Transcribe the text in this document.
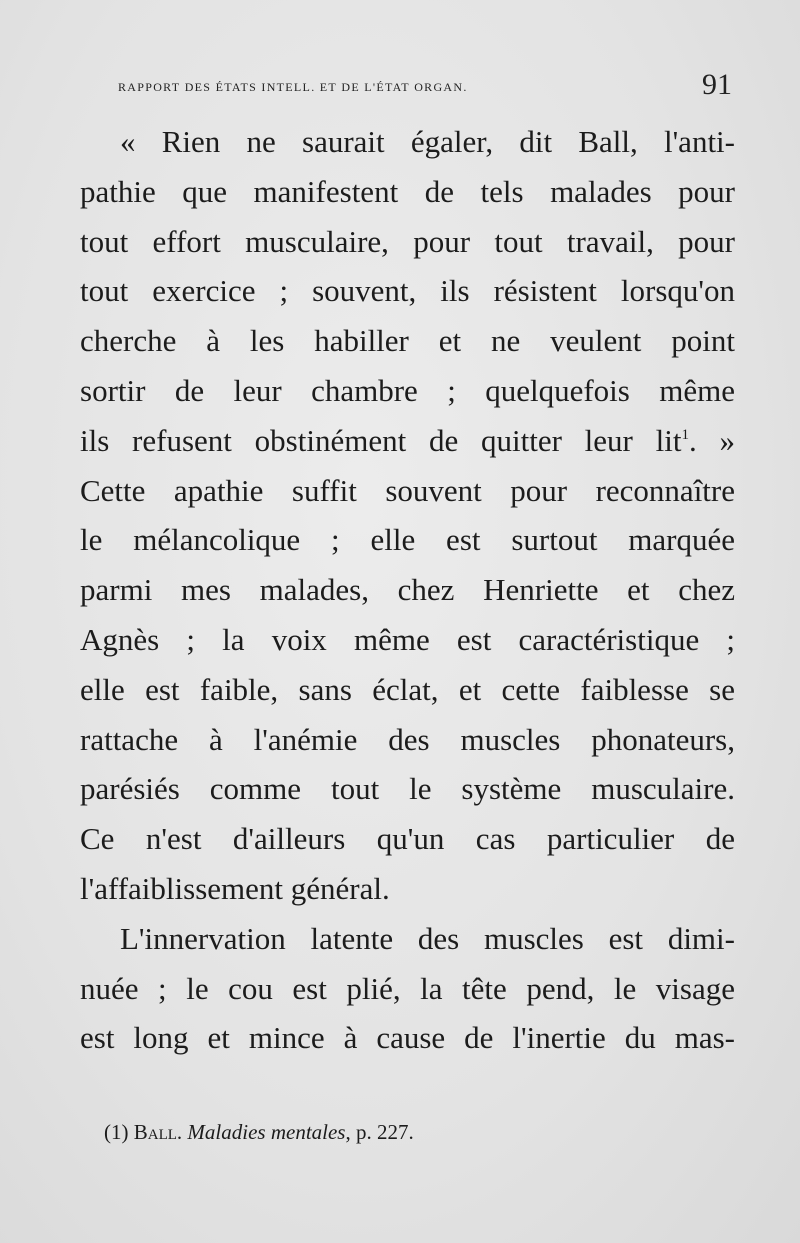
rapport des états intell. et de l'état organ.	91
« Rien ne saurait égaler, dit Ball, l'anti-
pathie que manifestent de tels malades pour
tout effort musculaire, pour tout travail, pour
tout exercice ; souvent, ils résistent lorsqu'on
cherche à les habiller et ne veulent point
sortir de leur chambre ; quelquefois même
ils refusent obstinément de quitter leur lit$^1$. »
Cette apathie suffit souvent pour reconnaître
le mélancolique ; elle est surtout marquée
parmi mes malades, chez Henriette et chez
Agnès ; la voix même est caractéristique ;
elle est faible, sans éclat, et cette faiblesse se
rattache à l'anémie des muscles phonateurs,
parésiés comme tout le système musculaire.
Ce n'est d'ailleurs qu'un cas particulier de
l'affaiblissement général.
L'innervation latente des muscles est dimi-
nuée ; le cou est plié, la tête pend, le visage
est long et mince à cause de l'inertie du mas-
(1) Ball. Maladies mentales, p. 227.
